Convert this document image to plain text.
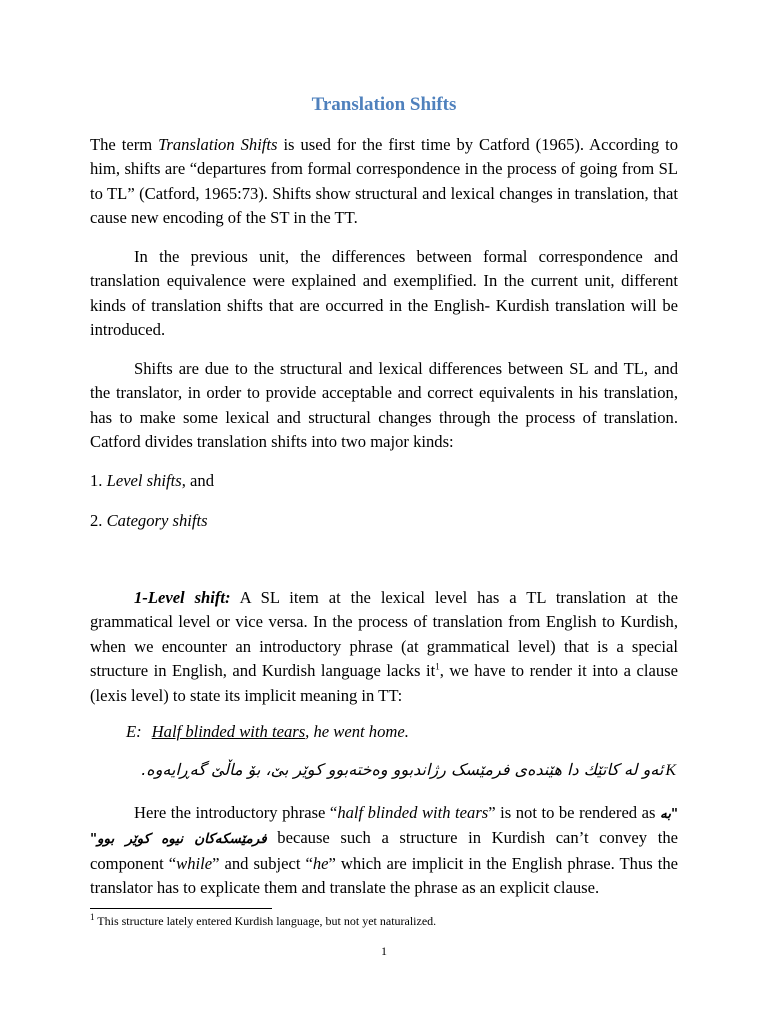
Translation Shifts

The term Translation Shifts is used for the first time by Catford (1965). According to him, shifts are “departures from formal correspondence in the process of going from SL to TL” (Catford, 1965:73). Shifts show structural and lexical changes in translation, that cause new encoding of the ST in the TT.

In the previous unit, the differences between formal correspondence and translation equivalence were explained and exemplified. In the current unit, different kinds of translation shifts that are occurred in the English- Kurdish translation will be introduced.

Shifts are due to the structural and lexical differences between SL and TL, and the translator, in order to provide acceptable and correct equivalents in his translation, has to make some lexical and structural changes through the process of translation. Catford divides translation shifts into two major kinds:

1. Level shifts, and
2. Category shifts

1-Level shift: A SL item at the lexical level has a TL translation at the grammatical level or vice versa. In the process of translation from English to Kurdish, when we encounter an introductory phrase (at grammatical level) that is a special structure in English, and Kurdish language lacks $it^1$, we have to render it into a clause (lexis level) to state its implicit meaning in TT:

E: Half blinded with tears, he went home.
Kئەو لە كاتێك دا هێندەی فرمێسک رژاندبوو وەختەبوو کوێر بێ، بۆ ماڵێ گەڕایەوە.

Here the introductory phrase “half blinded with tears” is not to be rendered as "بە فرمێسکەکان نیوە كوێر بوو" because such a structure in Kurdish can’t convey the component “while” and subject “he” which are implicit in the English phrase. Thus the translator has to explicate them and translate the phrase as an explicit clause.

$^1$ This structure lately entered Kurdish language, but not yet naturalized.
1
